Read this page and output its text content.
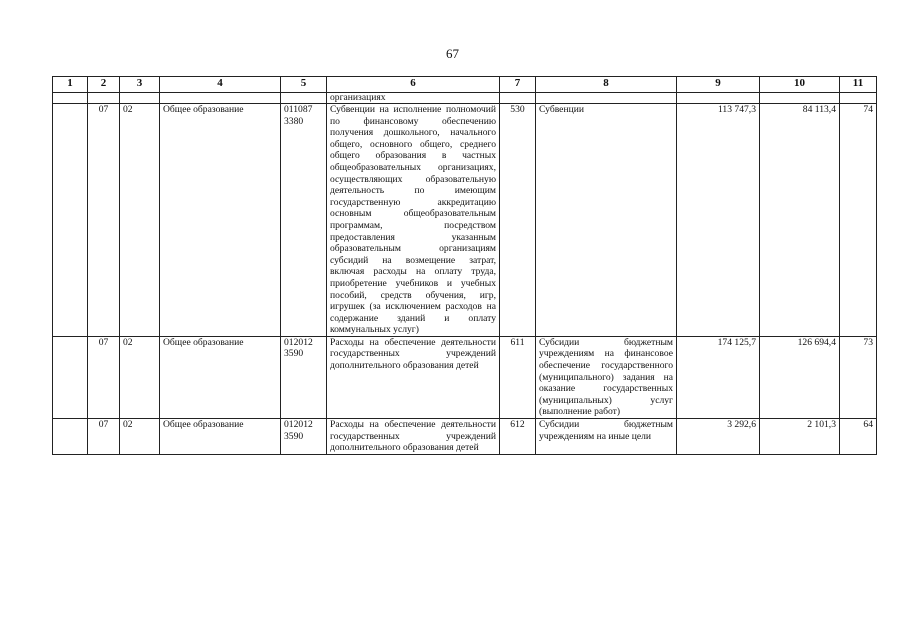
67
1	2	3	4	5	6	7	8	9	10	11
					организациях					
	07	02	Общее образование	011087 3380	Субвенции на исполнение полномочий по финансовому обеспечению получения дошкольного, начального общего, основного общего, среднего общего образования в частных общеобразовательных организациях, осуществляющих образовательную деятельность по имеющим государственную аккредитацию основным общеобразовательным программам, посредством предоставления указанным образовательным организациям субсидий на возмещение затрат, включая расходы на оплату труда, приобретение учебников и учебных пособий, средств обучения, игр, игрушек (за исключением расходов на содержание зданий и оплату коммунальных услуг)	530	Субвенции	113 747,3	84 113,4	74
	07	02	Общее образование	012012 3590	Расходы на обеспечение деятельности государственных учреждений дополнительного образования детей	611	Субсидии бюджетным учреждениям на финансовое обеспечение государственного (муниципального) задания на оказание государственных (муниципальных) услуг (выполнение работ)	174 125,7	126 694,4	73
	07	02	Общее образование	012012 3590	Расходы на обеспечение деятельности государственных учреждений дополнительного образования детей	612	Субсидии бюджетным учреждениям на иные цели	3 292,6	2 101,3	64
